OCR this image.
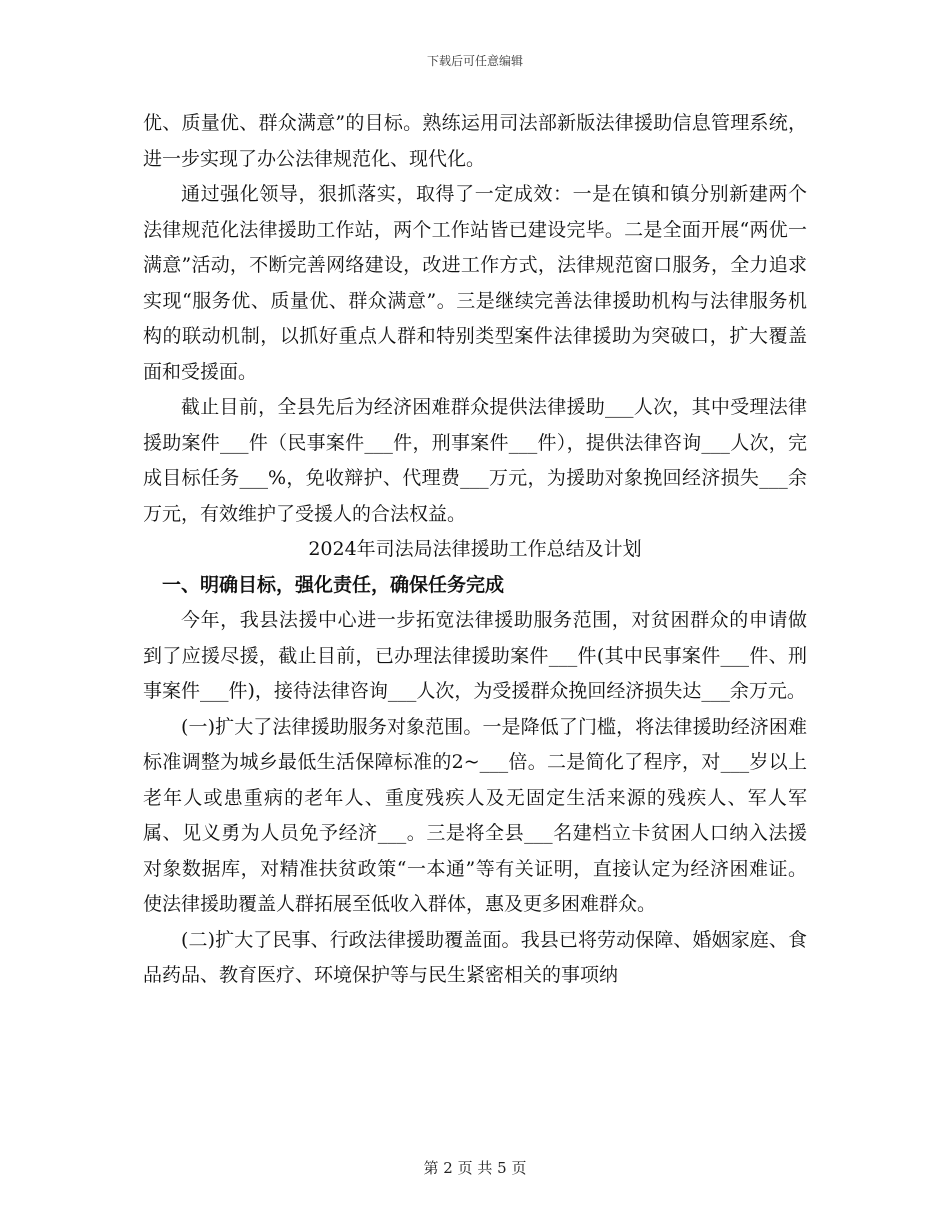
下载后可任意编辑

优、质量优、群众满意”的目标。熟练运用司法部新版法律援助信息管理系统，进一步实现了办公法律规范化、现代化。

通过强化领导，狠抓落实，取得了一定成效：一是在镇和镇分别新建两个法律规范化法律援助工作站，两个工作站皆已建设完毕。二是全面开展“两优一满意”活动，不断完善网络建设，改进工作方式，法律规范窗口服务，全力追求实现“服务优、质量优、群众满意”。三是继续完善法律援助机构与法律服务机构的联动机制，以抓好重点人群和特别类型案件法律援助为突破口，扩大覆盖面和受援面。

截止目前，全县先后为经济困难群众提供法律援助___人次，其中受理法律援助案件___件（民事案件___件，刑事案件___件），提供法律咨询___人次，完成目标任务___%，免收辩护、代理费___万元，为援助对象挽回经济损失___余万元，有效维护了受援人的合法权益。

2024年司法局法律援助工作总结及计划

一、明确目标，强化责任，确保任务完成

今年，我县法援中心进一步拓宽法律援助服务范围，对贫困群众的申请做到了应援尽援，截止目前，已办理法律援助案件___件(其中民事案件___件、刑事案件___件)，接待法律咨询___人次，为受援群众挽回经济损失达___余万元。

(一)扩大了法律援助服务对象范围。一是降低了门槛，将法律援助经济困难标准调整为城乡最低生活保障标准的2~___倍。二是简化了程序，对___岁以上老年人或患重病的老年人、重度残疾人及无固定生活来源的残疾人、军人军属、见义勇为人员免予经济___。三是将全县___名建档立卡贫困人口纳入法援对象数据库，对精准扶贫政策“一本通”等有关证明，直接认定为经济困难证。使法律援助覆盖人群拓展至低收入群体，惠及更多困难群众。

(二)扩大了民事、行政法律援助覆盖面。我县已将劳动保障、婚姻家庭、食品药品、教育医疗、环境保护等与民生紧密相关的事项纳

第 2 页 共 5 页
